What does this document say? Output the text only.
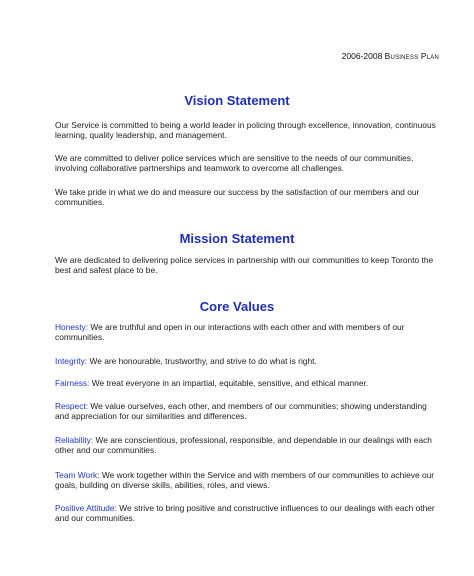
2006-2008 Business Plan
Vision Statement

Our Service is committed to being a world leader in policing through excellence, innovation, continuous learning, quality leadership, and management.

We are committed to deliver police services which are sensitive to the needs of our communities, involving collaborative partnerships and teamwork to overcome all challenges.

We take pride in what we do and measure our success by the satisfaction of our members and our communities.

Mission Statement

We are dedicated to delivering police services in partnership with our communities to keep Toronto the best and safest place to be.

Core Values

Honesty: We are truthful and open in our interactions with each other and with members of our communities.

Integrity: We are honourable, trustworthy, and strive to do what is right.

Fairness: We treat everyone in an impartial, equitable, sensitive, and ethical manner.

Respect: We value ourselves, each other, and members of our communities; showing understanding and appreciation for our similarities and differences.

Reliability: We are conscientious, professional, responsible, and dependable in our dealings with each other and our communities.

Team Work: We work together within the Service and with members of our communities to achieve our goals, building on diverse skills, abilities, roles, and views.

Positive Attitude: We strive to bring positive and constructive influences to our dealings with each other and our communities.
